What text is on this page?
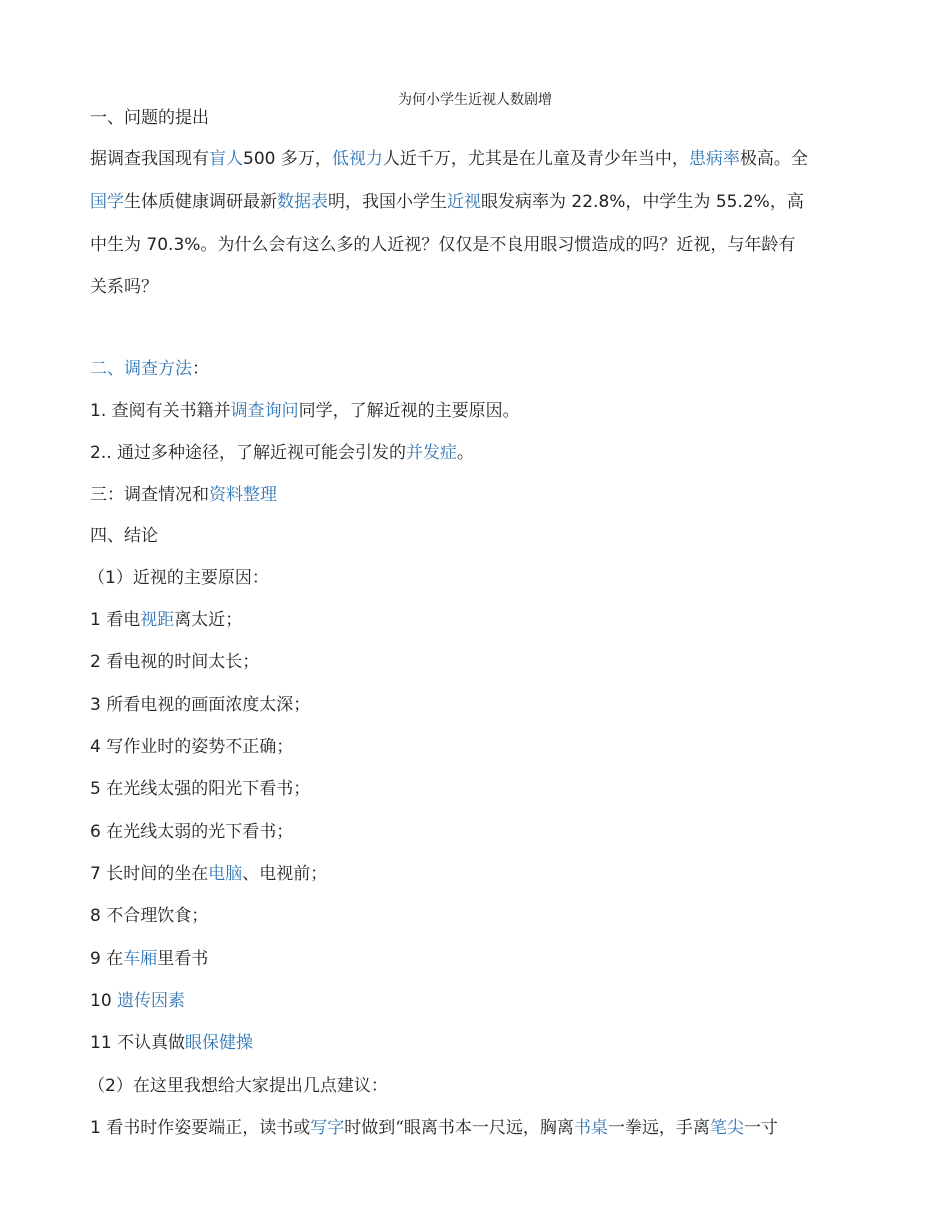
为何小学生近视人数剧增
一、问题的提出
据调查我国现有盲人500 多万，低视力人近千万，尤其是在儿童及青少年当中，患病率极高。全
国学生体质健康调研最新数据表明，我国小学生近视眼发病率为 22.8%，中学生为 55.2%，高
中生为 70.3%。为什么会有这么多的人近视？仅仅是不良用眼习惯造成的吗？近视，与年龄有
关系吗？
二、调查方法：
1. 查阅有关书籍并调查询问同学，了解近视的主要原因。
2.. 通过多种途径，了解近视可能会引发的并发症。
三：调查情况和资料整理
四、结论
（1）近视的主要原因：
1 看电视距离太近；
2 看电视的时间太长；
3 所看电视的画面浓度太深；
4 写作业时的姿势不正确；
5 在光线太强的阳光下看书；
6 在光线太弱的光下看书；
7 长时间的坐在电脑、电视前；
8 不合理饮食；
9 在车厢里看书
10 遗传因素
11 不认真做眼保健操
（2）在这里我想给大家提出几点建议：
1 看书时作姿要端正，读书或写字时做到“眼离书本一尺远，胸离书桌一拳远，手离笔尖一寸
